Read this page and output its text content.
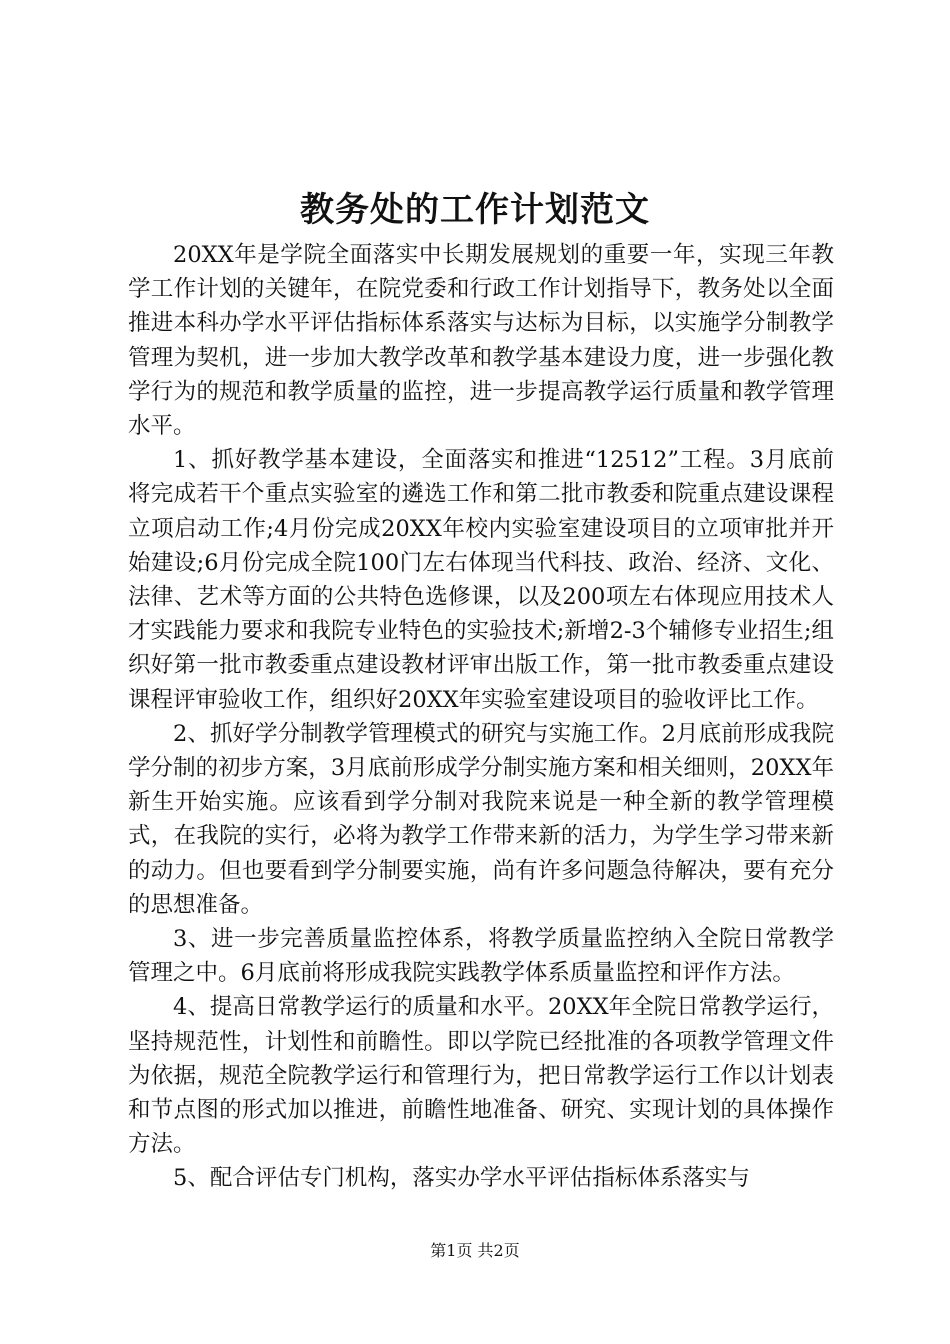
教务处的工作计划范文

20XX年是学院全面落实中长期发展规划的重要一年，实现三年教学工作计划的关键年，在院党委和行政工作计划指导下，教务处以全面推进本科办学水平评估指标体系落实与达标为目标，以实施学分制教学管理为契机，进一步加大教学改革和教学基本建设力度，进一步强化教学行为的规范和教学质量的监控，进一步提高教学运行质量和教学管理水平。

1、抓好教学基本建设，全面落实和推进“12512”工程。3月底前将完成若干个重点实验室的遴选工作和第二批市教委和院重点建设课程立项启动工作;4月份完成20XX年校内实验室建设项目的立项审批并开始建设;6月份完成全院100门左右体现当代科技、政治、经济、文化、法律、艺术等方面的公共特色选修课，以及200项左右体现应用技术人才实践能力要求和我院专业特色的实验技术;新增2-3个辅修专业招生;组织好第一批市教委重点建设教材评审出版工作，第一批市教委重点建设课程评审验收工作，组织好20XX年实验室建设项目的验收评比工作。

2、抓好学分制教学管理模式的研究与实施工作。2月底前形成我院学分制的初步方案，3月底前形成学分制实施方案和相关细则，20XX年新生开始实施。应该看到学分制对我院来说是一种全新的教学管理模式，在我院的实行，必将为教学工作带来新的活力，为学生学习带来新的动力。但也要看到学分制要实施，尚有许多问题急待解决，要有充分的思想准备。

3、进一步完善质量监控体系，将教学质量监控纳入全院日常教学管理之中。6月底前将形成我院实践教学体系质量监控和评作方法。

4、提高日常教学运行的质量和水平。20XX年全院日常教学运行，坚持规范性，计划性和前瞻性。即以学院已经批准的各项教学管理文件为依据，规范全院教学运行和管理行为，把日常教学运行工作以计划表和节点图的形式加以推进，前瞻性地准备、研究、实现计划的具体操作方法。

5、配合评估专门机构，落实办学水平评估指标体系落实与

第1页 共2页
